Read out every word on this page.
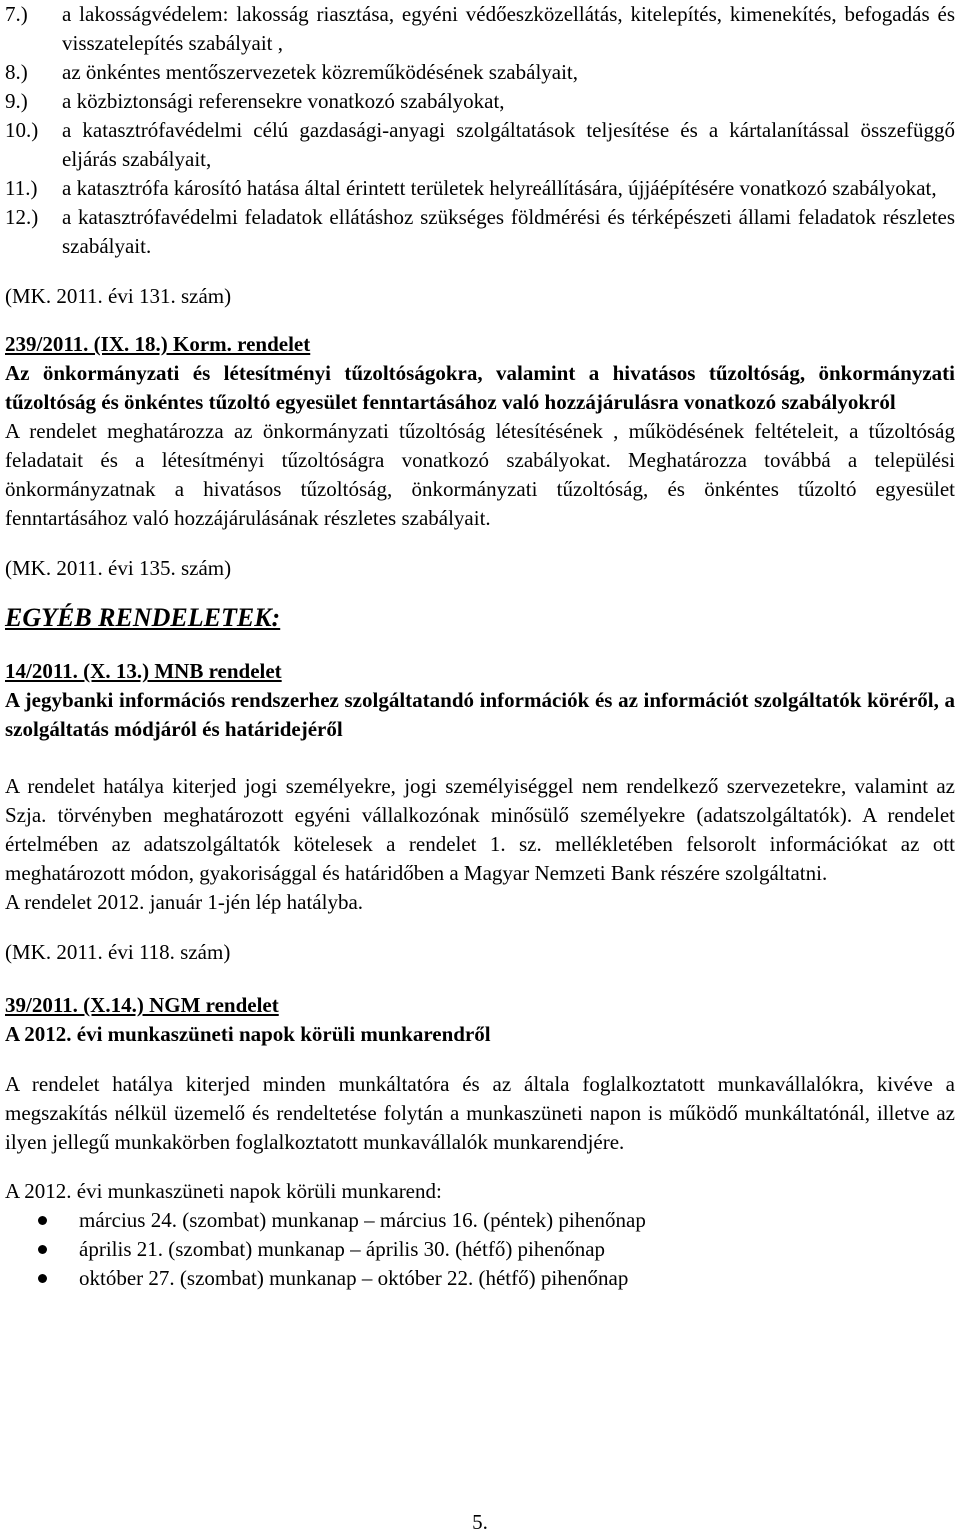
7.)	a lakosságvédelem: lakosság riasztása, egyéni védőeszközellátás, kitelepítés, kimenekítés, befogadás és visszatelepítés szabályait ,
8.)	az önkéntes mentőszervezetek közreműködésének szabályait,
9.)	a közbiztonsági referensekre vonatkozó szabályokat,
10.)	a katasztrófavédelmi célú gazdasági-anyagi szolgáltatások teljesítése és a kártalanítással összefüggő eljárás szabályait,
11.)	a katasztrófa károsító hatása által érintett területek helyreállítására, újjáépítésére vonatkozó szabályokat,
12.)	a katasztrófavédelmi feladatok ellátáshoz szükséges földmérési és térképészeti állami feladatok részletes szabályait.

(MK. 2011. évi 131. szám)

239/2011. (IX. 18.) Korm. rendelet

Az önkormányzati és létesítményi tűzoltóságokra, valamint a hivatásos tűzoltóság, önkormányzati tűzoltóság és önkéntes tűzoltó egyesület fenntartásához való hozzájárulásra vonatkozó szabályokról

A rendelet meghatározza az önkormányzati tűzoltóság létesítésének , működésének feltételeit, a tűzoltóság feladatait és a létesítményi tűzoltóságra vonatkozó szabályokat. Meghatározza továbbá a települési önkormányzatnak a hivatásos tűzoltóság, önkormányzati tűzoltóság, és önkéntes tűzoltó egyesület fenntartásához való hozzájárulásának részletes szabályait.

(MK. 2011. évi 135. szám)

EGYÉB RENDELETEK:

14/2011. (X. 13.) MNB rendelet

A jegybanki információs rendszerhez szolgáltatandó információk és az információt szolgáltatók köréről, a szolgáltatás módjáról és határidejéről

A rendelet hatálya kiterjed jogi személyekre, jogi személyiséggel nem rendelkező szervezetekre, valamint az Szja. törvényben meghatározott egyéni vállalkozónak minősülő személyekre (adatszolgáltatók). A rendelet értelmében az adatszolgáltatók kötelesek a rendelet 1. sz. mellékletében felsorolt információkat az ott meghatározott módon, gyakorisággal és határidőben a Magyar Nemzeti Bank részére szolgáltatni.

A rendelet 2012. január 1-jén lép hatályba.

(MK. 2011. évi 118. szám)

39/2011. (X.14.) NGM rendelet

A 2012. évi munkaszüneti napok körüli munkarendről

A rendelet hatálya kiterjed minden munkáltatóra és az általa foglalkoztatott munkavállalókra, kivéve a megszakítás nélkül üzemelő és rendeltetése folytán a munkaszüneti napon is működő munkáltatónál, illetve az ilyen jellegű munkakörben foglalkoztatott munkavállalók munkarendjére.

A 2012. évi munkaszüneti napok körüli munkarend:

március 24. (szombat) munkanap – március 16. (péntek) pihenőnap
április 21. (szombat) munkanap – április 30. (hétfő) pihenőnap
október 27. (szombat) munkanap – október 22. (hétfő) pihenőnap
5.
